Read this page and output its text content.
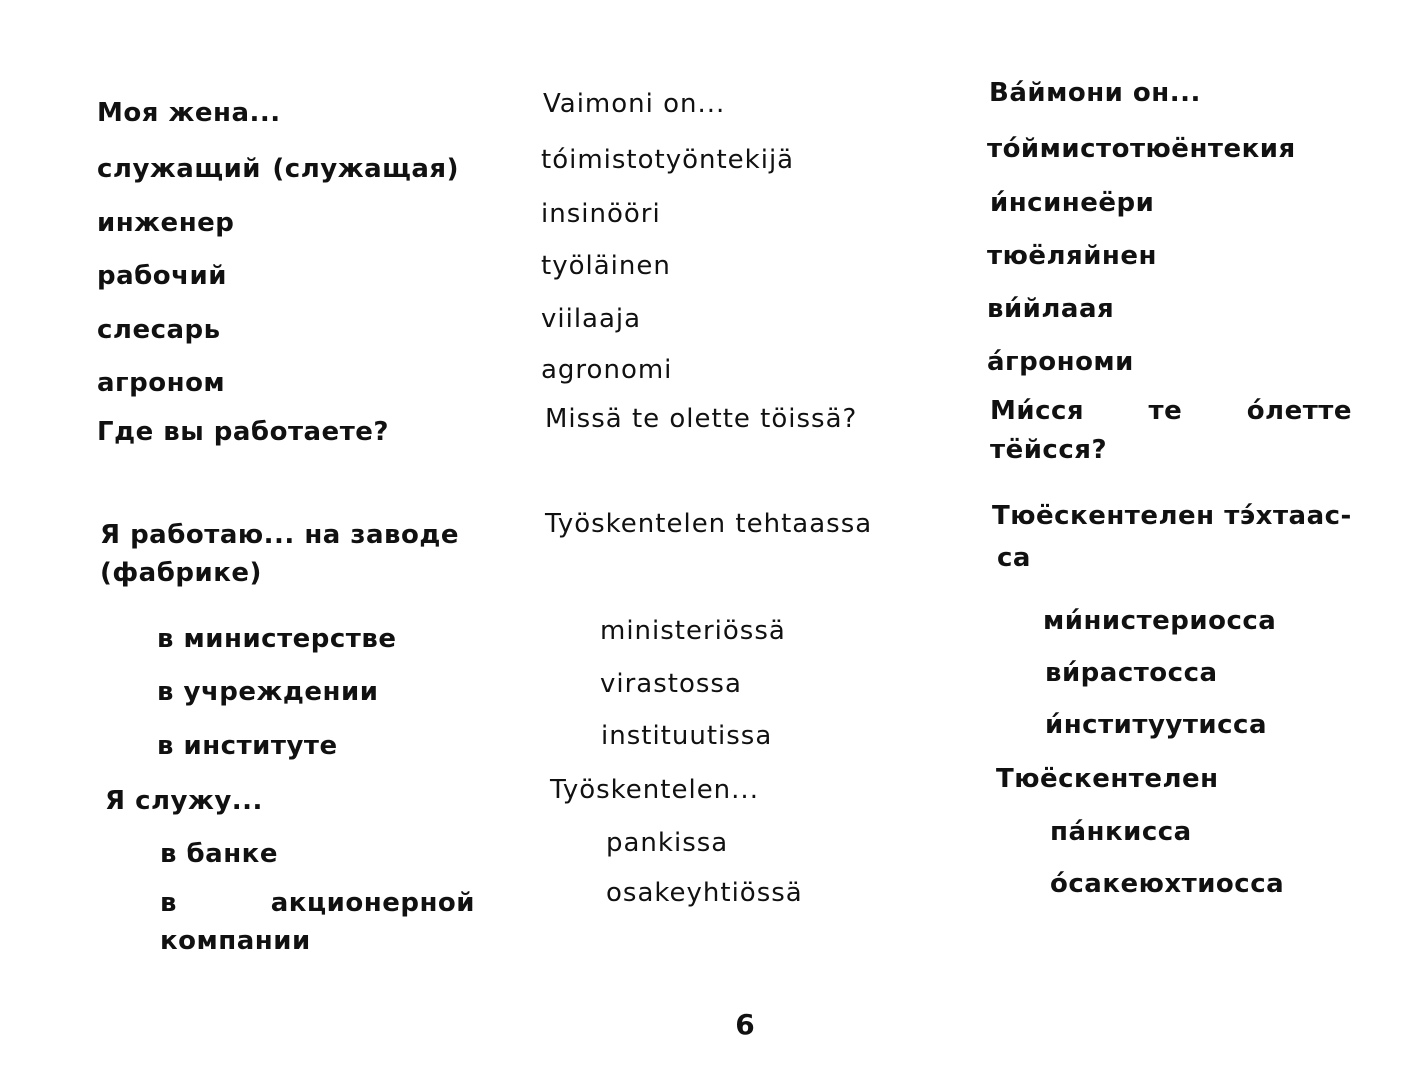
Моя жена...
служащий (служащая)
инженер
рабочий
слесарь
агроном
Где вы работаете?
Я работаю... на заводе
(фабрике)
в министерстве
в учреждении
в институте
Я служу...
в банке
в	акционерной
компании
Vaimoni on...
tóimistotyöntekijä
insinööri
työläinen
viilaaja
agronomi
Missä te olette töissä?
Työskentelen tehtaassa
ministeriössä
virastossa
instituutissa
Työskentelen...
pankissa
osakeyhtiössä
Ва́ймони он...
то́ймистотюёнтекия
и́нсинеёри
тюёляйнен
ви́йлаая
а́грономи
Ми́сся те о́летте
тёйсся?
Тюёскентелен тэ́хтаас-
са
ми́нистериосса
ви́растосса
и́нституутисса
Тюёскентелен
па́нкисса
о́сакеюхтиосса
6
